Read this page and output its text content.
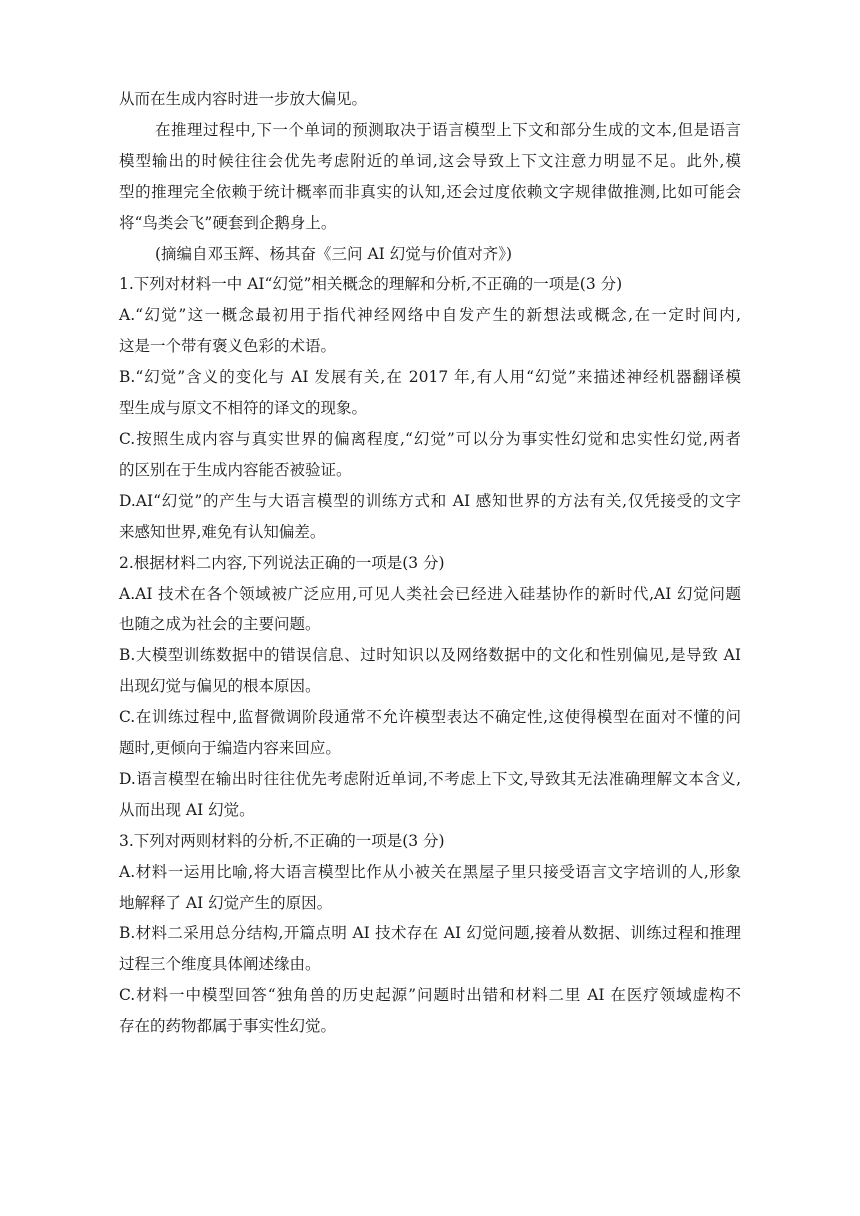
从而在生成内容时进一步放大偏见。

在推理过程中,下一个单词的预测取决于语言模型上下文和部分生成的文本,但是语言

模型输出的时候往往会优先考虑附近的单词,这会导致上下文注意力明显不足。此外,模

型的推理完全依赖于统计概率而非真实的认知,还会过度依赖文字规律做推测,比如可能会

将“鸟类会飞”硬套到企鹅身上。

(摘编自邓玉辉、杨其奋《三问 AI 幻觉与价值对齐》)

1.下列对材料一中 AI“幻觉”相关概念的理解和分析,不正确的一项是(3 分)

A.“幻觉”这一概念最初用于指代神经网络中自发产生的新想法或概念,在一定时间内,

这是一个带有褒义色彩的术语。

B.“幻觉”含义的变化与 AI 发展有关,在 2017 年,有人用“幻觉”来描述神经机器翻译模

型生成与原文不相符的译文的现象。

C.按照生成内容与真实世界的偏离程度,“幻觉”可以分为事实性幻觉和忠实性幻觉,两者

的区别在于生成内容能否被验证。

D.AI“幻觉”的产生与大语言模型的训练方式和 AI 感知世界的方法有关,仅凭接受的文字

来感知世界,难免有认知偏差。

2.根据材料二内容,下列说法正确的一项是(3 分)

A.AI 技术在各个领域被广泛应用,可见人类社会已经进入硅基协作的新时代,AI 幻觉问题

也随之成为社会的主要问题。

B.大模型训练数据中的错误信息、过时知识以及网络数据中的文化和性别偏见,是导致 AI

出现幻觉与偏见的根本原因。

C.在训练过程中,监督微调阶段通常不允许模型表达不确定性,这使得模型在面对不懂的问

题时,更倾向于编造内容来回应。

D.语言模型在输出时往往优先考虑附近单词,不考虑上下文,导致其无法准确理解文本含义,

从而出现 AI 幻觉。

3.下列对两则材料的分析,不正确的一项是(3 分)

A.材料一运用比喻,将大语言模型比作从小被关在黑屋子里只接受语言文字培训的人,形象

地解释了 AI 幻觉产生的原因。

B.材料二采用总分结构,开篇点明 AI 技术存在 AI 幻觉问题,接着从数据、训练过程和推理

过程三个维度具体阐述缘由。

C.材料一中模型回答“独角兽的历史起源”问题时出错和材料二里 AI 在医疗领域虚构不

存在的药物都属于事实性幻觉。
